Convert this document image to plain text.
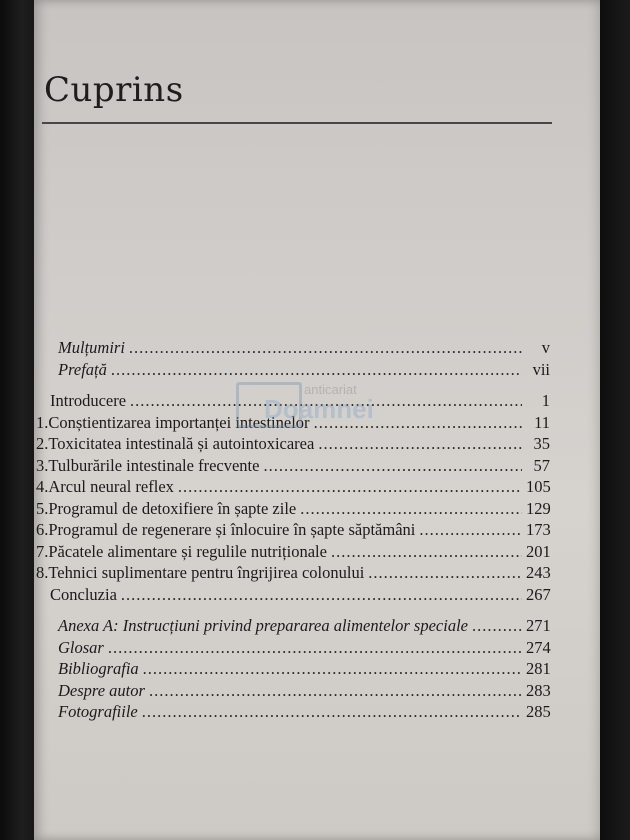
Cuprins
Mulțumiri .....	v
Prefață .....	vii
Introducere .....	1
1. Conștientizarea importanței intestinelor .....	11
2. Toxicitatea intestinală și autointoxicarea .....	35
3. Tulburările intestinale frecvente .....	57
4. Arcul neural reflex .....	105
5. Programul de detoxifiere în șapte zile .....	129
6. Programul de regenerare și înlocuire în șapte săptămâni .....	173
7. Păcatele alimentare și regulile nutriționale .....	201
8. Tehnici suplimentare pentru îngrijirea colonului .....	243
Concluzia .....	267
Anexa A: Instrucțiuni privind prepararea alimentelor speciale .....	271
Glosar .....	274
Bibliografia .....	281
Despre autor .....	283
Fotografiile .....	285
anticariat
Doamnei
